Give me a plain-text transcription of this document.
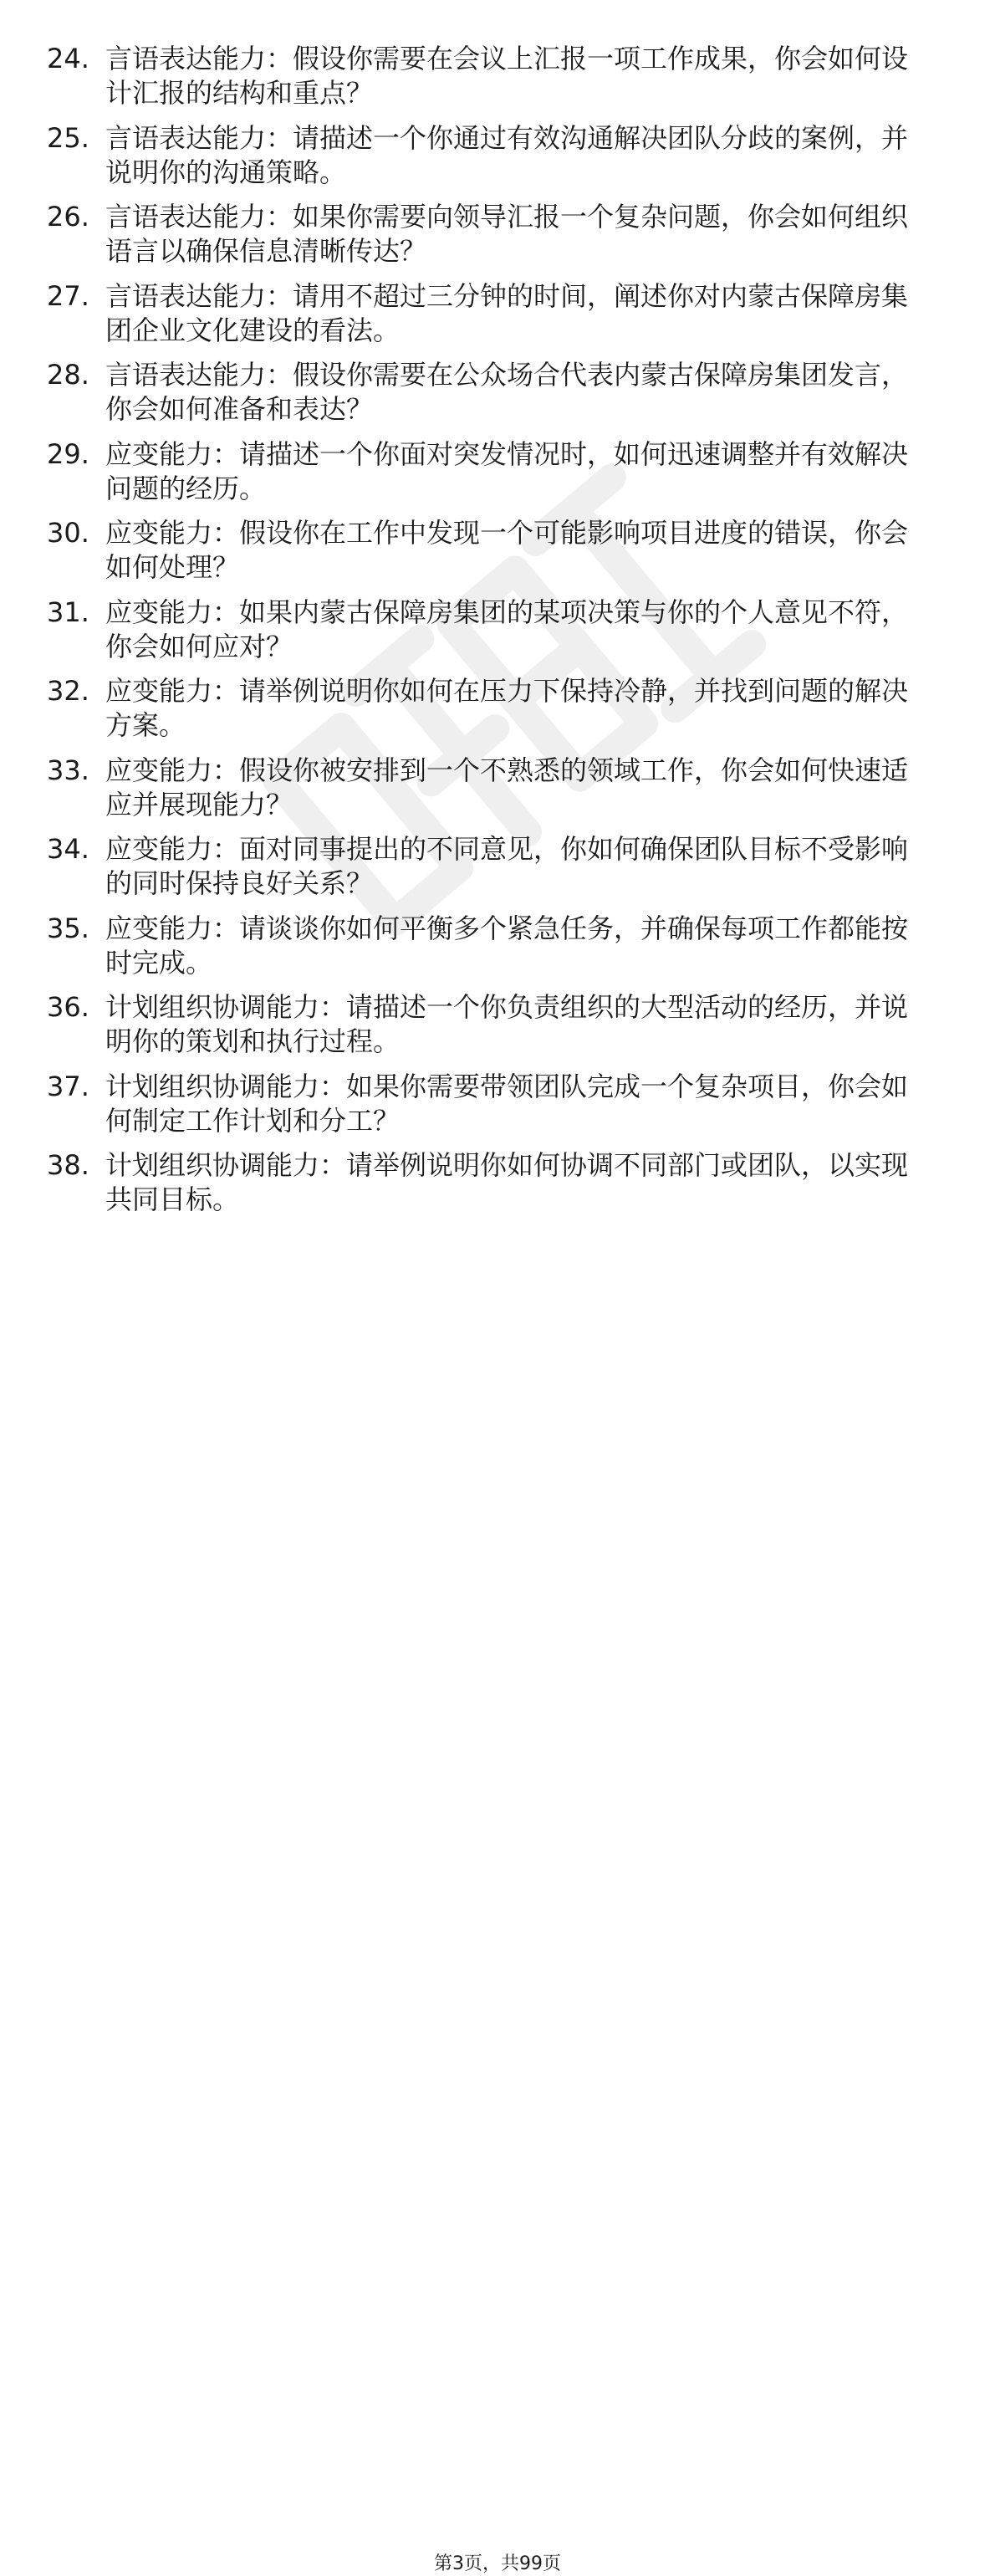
24. 言语表达能力：假设你需要在会议上汇报一项工作成果，你会如何设计汇报的结构和重点？
25. 言语表达能力：请描述一个你通过有效沟通解决团队分歧的案例，并说明你的沟通策略。
26. 言语表达能力：如果你需要向领导汇报一个复杂问题，你会如何组织语言以确保信息清晰传达？
27. 言语表达能力：请用不超过三分钟的时间，阐述你对内蒙古保障房集团企业文化建设的看法。
28. 言语表达能力：假设你需要在公众场合代表内蒙古保障房集团发言，你会如何准备和表达？
29. 应变能力：请描述一个你面对突发情况时，如何迅速调整并有效解决问题的经历。
30. 应变能力：假设你在工作中发现一个可能影响项目进度的错误，你会如何处理？
31. 应变能力：如果内蒙古保障房集团的某项决策与你的个人意见不符，你会如何应对？
32. 应变能力：请举例说明你如何在压力下保持冷静，并找到问题的解决方案。
33. 应变能力：假设你被安排到一个不熟悉的领域工作，你会如何快速适应并展现能力？
34. 应变能力：面对同事提出的不同意见，你如何确保团队目标不受影响的同时保持良好关系？
35. 应变能力：请谈谈你如何平衡多个紧急任务，并确保每项工作都能按时完成。
36. 计划组织协调能力：请描述一个你负责组织的大型活动的经历，并说明你的策划和执行过程。
37. 计划组织协调能力：如果你需要带领团队完成一个复杂项目，你会如何制定工作计划和分工？
38. 计划组织协调能力：请举例说明你如何协调不同部门或团队，以实现共同目标。
第3页，共99页
